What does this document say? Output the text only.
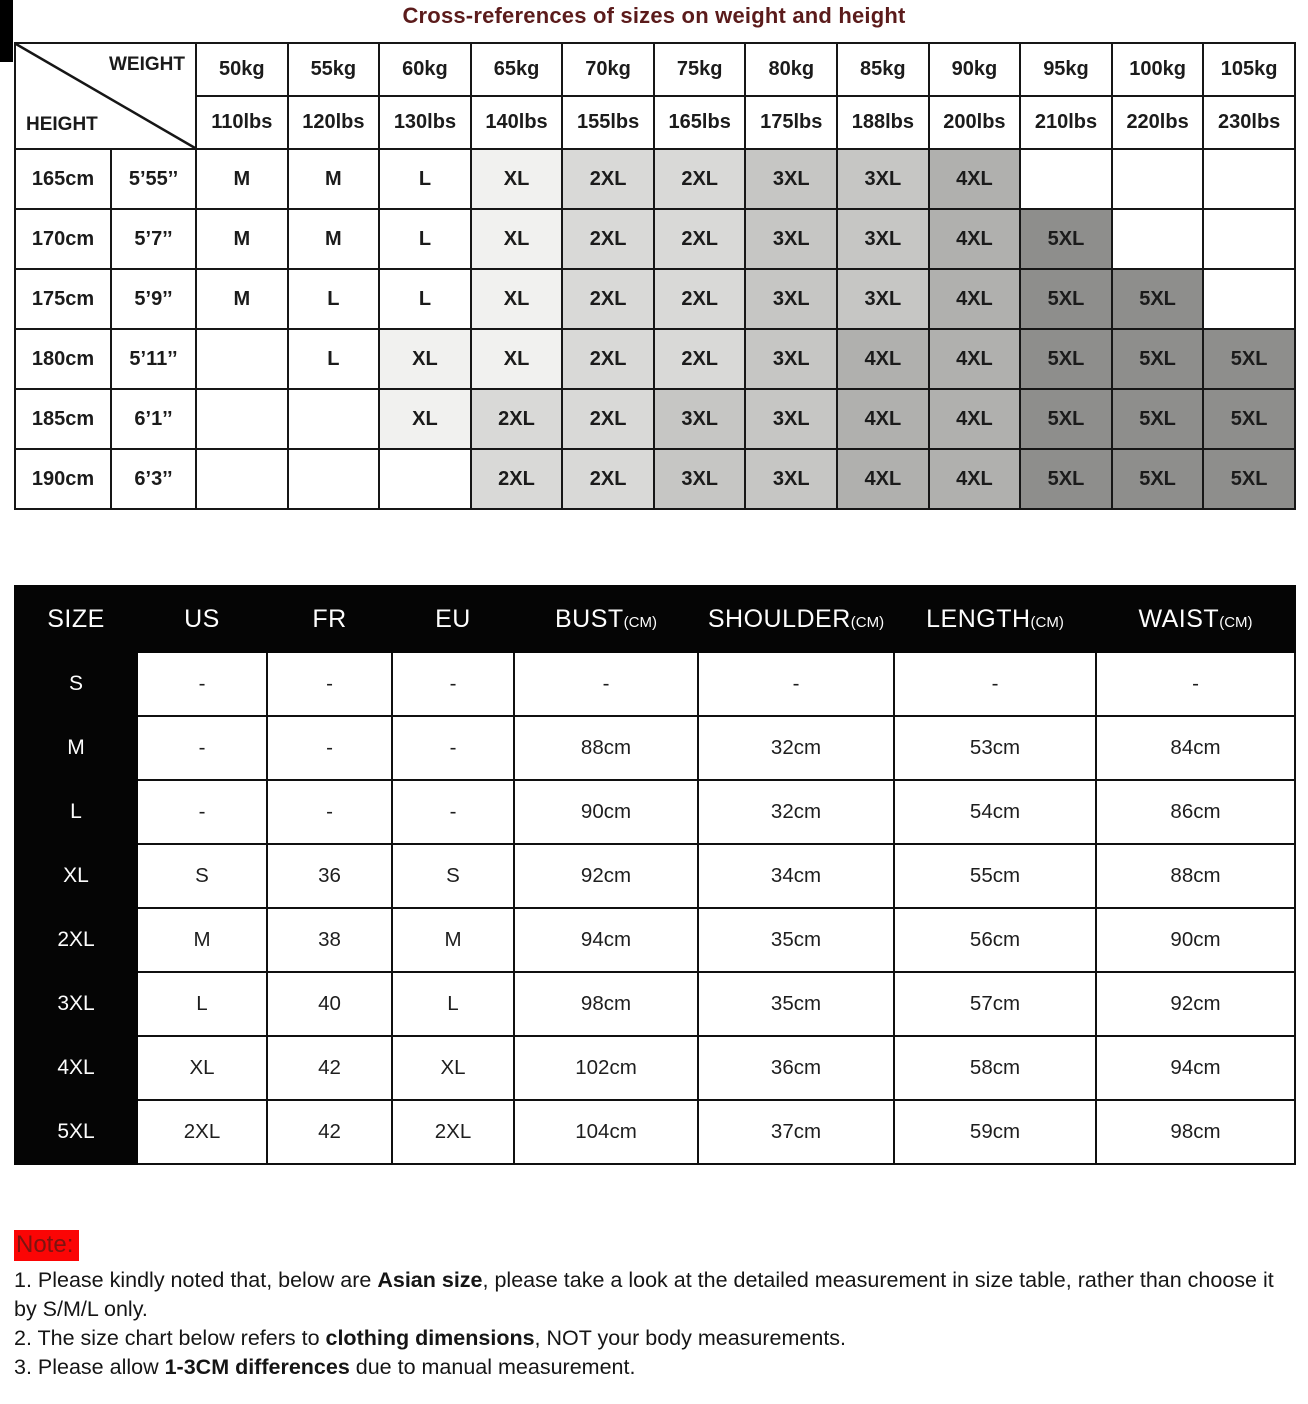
Cross-references of sizes on weight and height
WEIGHT
HEIGHT		50kg	55kg	60kg	65kg	70kg	75kg	80kg	85kg	90kg	95kg	100kg	105kg
		110lbs	120lbs	130lbs	140lbs	155lbs	165lbs	175lbs	188lbs	200lbs	210lbs	220lbs	230lbs
165cm	5’55’’	M	M	L	XL	2XL	2XL	3XL	3XL	4XL			
170cm	5’7’’	M	M	L	XL	2XL	2XL	3XL	3XL	4XL	5XL		
175cm	5’9’’	M	L	L	XL	2XL	2XL	3XL	3XL	4XL	5XL	5XL	
180cm	5’11’’		L	XL	XL	2XL	2XL	3XL	4XL	4XL	5XL	5XL	5XL
185cm	6’1’’			XL	2XL	2XL	3XL	3XL	4XL	4XL	5XL	5XL	5XL
190cm	6’3’’				2XL	2XL	3XL	3XL	4XL	4XL	5XL	5XL	5XL
SIZE	US	FR	EU	BUST(CM)	SHOULDER(CM)	LENGTH(CM)	WAIST(CM)
S	-	-	-	-	-	-	-
M	-	-	-	88cm	32cm	53cm	84cm
L	-	-	-	90cm	32cm	54cm	86cm
XL	S	36	S	92cm	34cm	55cm	88cm
2XL	M	38	M	94cm	35cm	56cm	90cm
3XL	L	40	L	98cm	35cm	57cm	92cm
4XL	XL	42	XL	102cm	36cm	58cm	94cm
5XL	2XL	42	2XL	104cm	37cm	59cm	98cm
Note:
1. Please kindly noted that, below are Asian size, please take a look at the detailed measurement in size table, rather than choose it
by S/M/L only.
2. The size chart below refers to clothing dimensions, NOT your body measurements.
3. Please allow 1-3CM differences due to manual measurement.
